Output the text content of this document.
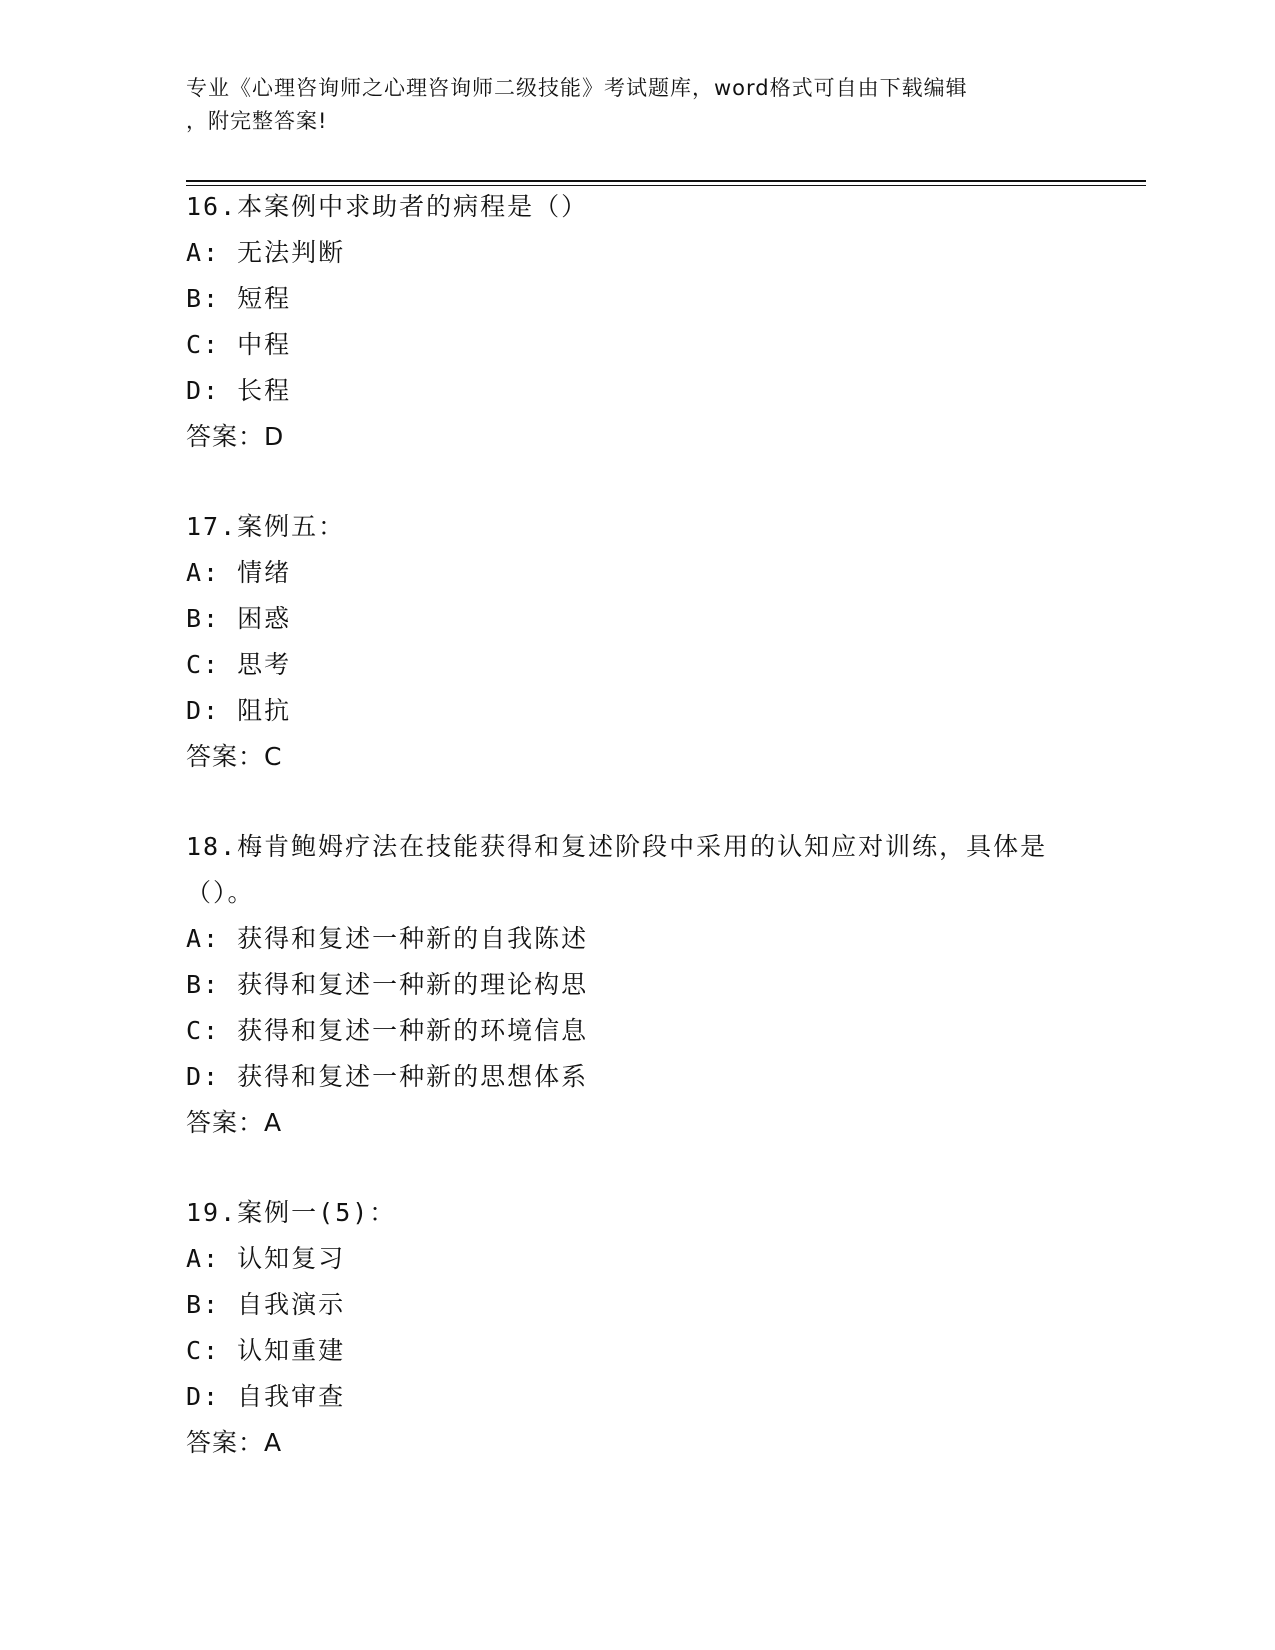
专业《心理咨询师之心理咨询师二级技能》考试题库，word格式可自由下载编辑
，附完整答案!
16.本案例中求助者的病程是（）
A: 无法判断
B: 短程
C: 中程
D: 长程
答案：D
17.案例五：
A: 情绪
B: 困惑
C: 思考
D: 阻抗
答案：C
18.梅肯鲍姆疗法在技能获得和复述阶段中采用的认知应对训练，具体是（）。
A: 获得和复述一种新的自我陈述
B: 获得和复述一种新的理论构思
C: 获得和复述一种新的环境信息
D: 获得和复述一种新的思想体系
答案：A
19.案例一(5)：
A: 认知复习
B: 自我演示
C: 认知重建
D: 自我审查
答案：A
